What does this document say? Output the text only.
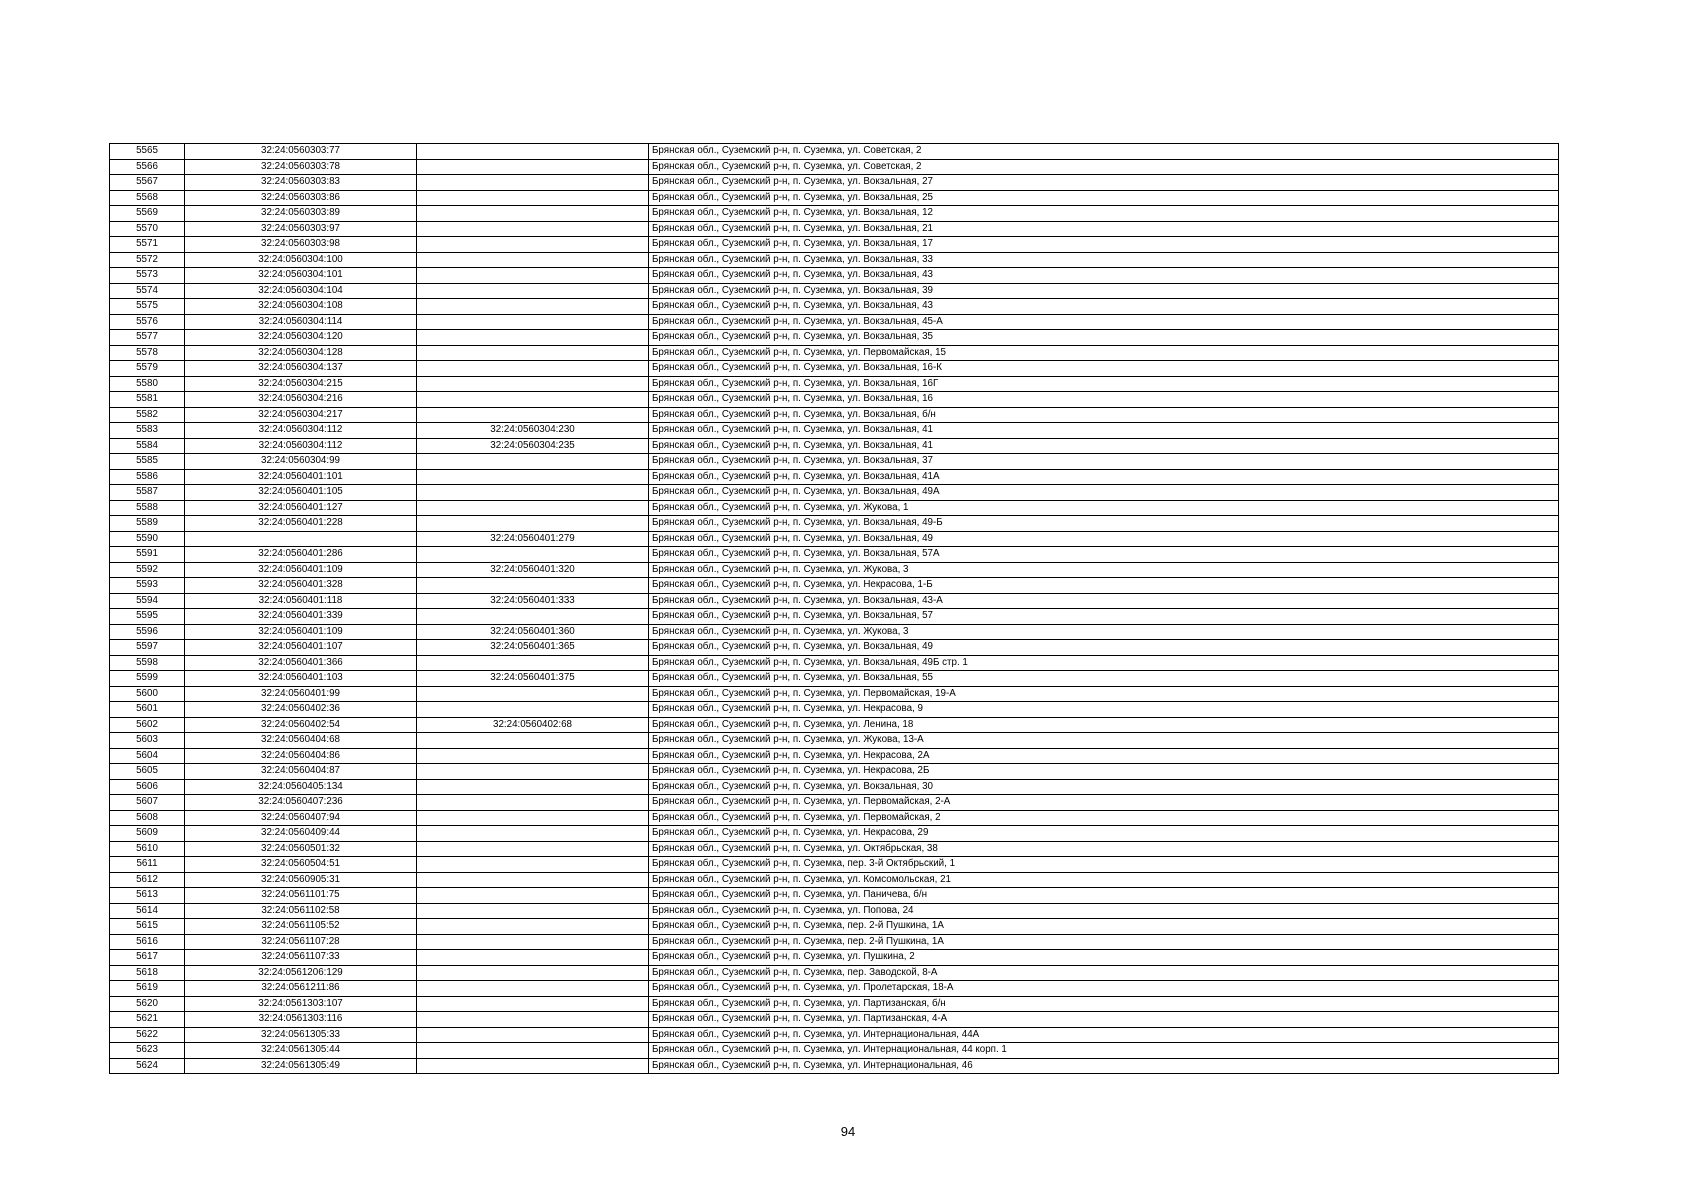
5565	32:24:0560303:77		Брянская обл., Суземский р-н, п. Суземка, ул. Советская, 2
5566	32:24:0560303:78		Брянская обл., Суземский р-н, п. Суземка, ул. Советская, 2
5567	32:24:0560303:83		Брянская обл., Суземский р-н, п. Суземка, ул. Вокзальная, 27
5568	32:24:0560303:86		Брянская обл., Суземский р-н, п. Суземка, ул. Вокзальная, 25
5569	32:24:0560303:89		Брянская обл., Суземский р-н, п. Суземка, ул. Вокзальная, 12
5570	32:24:0560303:97		Брянская обл., Суземский р-н, п. Суземка, ул. Вокзальная, 21
5571	32:24:0560303:98		Брянская обл., Суземский р-н, п. Суземка, ул. Вокзальная, 17
5572	32:24:0560304:100		Брянская обл., Суземский р-н, п. Суземка, ул. Вокзальная, 33
5573	32:24:0560304:101		Брянская обл., Суземский р-н, п. Суземка, ул. Вокзальная, 43
5574	32:24:0560304:104		Брянская обл., Суземский р-н, п. Суземка, ул. Вокзальная, 39
5575	32:24:0560304:108		Брянская обл., Суземский р-н, п. Суземка, ул. Вокзальная, 43
5576	32:24:0560304:114		Брянская обл., Суземский р-н, п. Суземка, ул. Вокзальная, 45-А
5577	32:24:0560304:120		Брянская обл., Суземский р-н, п. Суземка, ул. Вокзальная, 35
5578	32:24:0560304:128		Брянская обл., Суземский р-н, п. Суземка, ул. Первомайская, 15
5579	32:24:0560304:137		Брянская обл., Суземский р-н, п. Суземка, ул. Вокзальная, 16-К
5580	32:24:0560304:215		Брянская обл., Суземский р-н, п. Суземка, ул. Вокзальная, 16Г
5581	32:24:0560304:216		Брянская обл., Суземский р-н, п. Суземка, ул. Вокзальная, 16
5582	32:24:0560304:217		Брянская обл., Суземский р-н, п. Суземка, ул. Вокзальная, б/н
5583	32:24:0560304:112	32:24:0560304:230	Брянская обл., Суземский р-н, п. Суземка, ул. Вокзальная, 41
5584	32:24:0560304:112	32:24:0560304:235	Брянская обл., Суземский р-н, п. Суземка, ул. Вокзальная, 41
5585	32:24:0560304:99		Брянская обл., Суземский р-н, п. Суземка, ул. Вокзальная, 37
5586	32:24:0560401:101		Брянская обл., Суземский р-н, п. Суземка, ул. Вокзальная, 41А
5587	32:24:0560401:105		Брянская обл., Суземский р-н, п. Суземка, ул. Вокзальная, 49А
5588	32:24:0560401:127		Брянская обл., Суземский р-н, п. Суземка, ул. Жукова, 1
5589	32:24:0560401:228		Брянская обл., Суземский р-н, п. Суземка, ул. Вокзальная, 49-Б
5590		32:24:0560401:279	Брянская обл., Суземский р-н, п. Суземка, ул. Вокзальная, 49
5591	32:24:0560401:286		Брянская обл., Суземский р-н, п. Суземка, ул. Вокзальная, 57А
5592	32:24:0560401:109	32:24:0560401:320	Брянская обл., Суземский р-н, п. Суземка, ул. Жукова, 3
5593	32:24:0560401:328		Брянская обл., Суземский р-н, п. Суземка, ул. Некрасова, 1-Б
5594	32:24:0560401:118	32:24:0560401:333	Брянская обл., Суземский р-н, п. Суземка, ул. Вокзальная, 43-А
5595	32:24:0560401:339		Брянская обл., Суземский р-н, п. Суземка, ул. Вокзальная, 57
5596	32:24:0560401:109	32:24:0560401:360	Брянская обл., Суземский р-н, п. Суземка, ул. Жукова, 3
5597	32:24:0560401:107	32:24:0560401:365	Брянская обл., Суземский р-н, п. Суземка, ул. Вокзальная, 49
5598	32:24:0560401:366		Брянская обл., Суземский р-н, п. Суземка, ул. Вокзальная, 49Б стр. 1
5599	32:24:0560401:103	32:24:0560401:375	Брянская обл., Суземский р-н, п. Суземка, ул. Вокзальная, 55
5600	32:24:0560401:99		Брянская обл., Суземский р-н, п. Суземка, ул. Первомайская, 19-А
5601	32:24:0560402:36		Брянская обл., Суземский р-н, п. Суземка, ул. Некрасова, 9
5602	32:24:0560402:54	32:24:0560402:68	Брянская обл., Суземский р-н, п. Суземка, ул. Ленина, 18
5603	32:24:0560404:68		Брянская обл., Суземский р-н, п. Суземка, ул. Жукова, 13-А
5604	32:24:0560404:86		Брянская обл., Суземский р-н, п. Суземка, ул. Некрасова, 2А
5605	32:24:0560404:87		Брянская обл., Суземский р-н, п. Суземка, ул. Некрасова, 2Б
5606	32:24:0560405:134		Брянская обл., Суземский р-н, п. Суземка, ул. Вокзальная, 30
5607	32:24:0560407:236		Брянская обл., Суземский р-н, п. Суземка, ул. Первомайская, 2-А
5608	32:24:0560407:94		Брянская обл., Суземский р-н, п. Суземка, ул. Первомайская, 2
5609	32:24:0560409:44		Брянская обл., Суземский р-н, п. Суземка, ул. Некрасова, 29
5610	32:24:0560501:32		Брянская обл., Суземский р-н, п. Суземка, ул. Октябрьская, 38
5611	32:24:0560504:51		Брянская обл., Суземский р-н, п. Суземка, пер. 3-й Октябрьский, 1
5612	32:24:0560905:31		Брянская обл., Суземский р-н, п. Суземка, ул. Комсомольская, 21
5613	32:24:0561101:75		Брянская обл., Суземский р-н, п. Суземка, ул. Паничева, б/н
5614	32:24:0561102:58		Брянская обл., Суземский р-н, п. Суземка, ул. Попова, 24
5615	32:24:0561105:52		Брянская обл., Суземский р-н, п. Суземка, пер. 2-й Пушкина, 1А
5616	32:24:0561107:28		Брянская обл., Суземский р-н, п. Суземка, пер. 2-й Пушкина, 1А
5617	32:24:0561107:33		Брянская обл., Суземский р-н, п. Суземка, ул. Пушкина, 2
5618	32:24:0561206:129		Брянская обл., Суземский р-н, п. Суземка, пер. Заводской, 8-А
5619	32:24:0561211:86		Брянская обл., Суземский р-н, п. Суземка, ул. Пролетарская, 18-А
5620	32:24:0561303:107		Брянская обл., Суземский р-н, п. Суземка, ул. Партизанская, б/н
5621	32:24:0561303:116		Брянская обл., Суземский р-н, п. Суземка, ул. Партизанская, 4-А
5622	32:24:0561305:33		Брянская обл., Суземский р-н, п. Суземка, ул. Интернациональная, 44А
5623	32:24:0561305:44		Брянская обл., Суземский р-н, п. Суземка, ул. Интернациональная, 44 корп. 1
5624	32:24:0561305:49		Брянская обл., Суземский р-н, п. Суземка, ул. Интернациональная, 46
94
